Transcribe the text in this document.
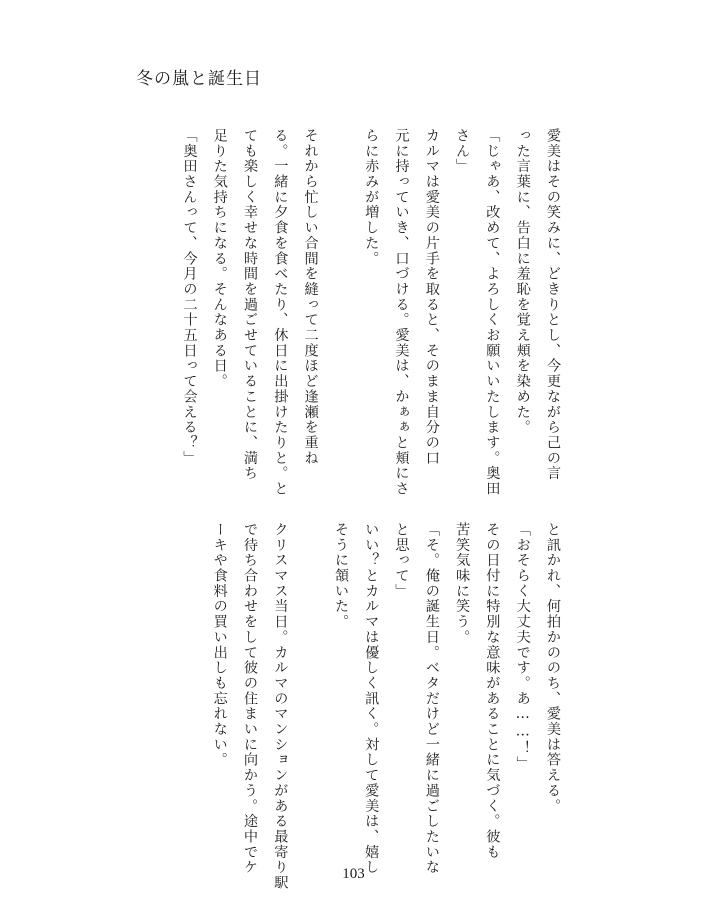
冬の嵐と誕生日
愛美はその笑みに、どきりとし、今更ながら己の言
った言葉に、告白に羞恥を覚え頬を染めた。
「じゃあ、改めて、よろしくお願いいたします。奥田
さん」
カルマは愛美の片手を取ると、そのまま自分の口
元に持っていき、口づける。愛美は、かぁぁと頬にさ
らに赤みが増した。
それから忙しい合間を縫って二度ほど逢瀬を重ね
る。一緒に夕食を食べたり、休日に出掛けたりと。と
ても楽しく幸せな時間を過ごせていることに、満ち
足りた気持ちになる。そんなある日。
「奥田さんって、今月の二十五日って会える？」
と訊かれ、何拍かののち、愛美は答える。
「おそらく大丈夫です。あ……！」
その日付に特別な意味があることに気づく。彼も
苦笑気味に笑う。
「そ。俺の誕生日。ベタだけど一緒に過ごしたいな
と思って」
いい？とカルマは優しく訊く。対して愛美は、嬉し
そうに頷いた。
クリスマス当日。カルマのマンションがある最寄り駅
で待ち合わせをして彼の住まいに向かう。途中でケ
ーキや食料の買い出しも忘れない。
103
